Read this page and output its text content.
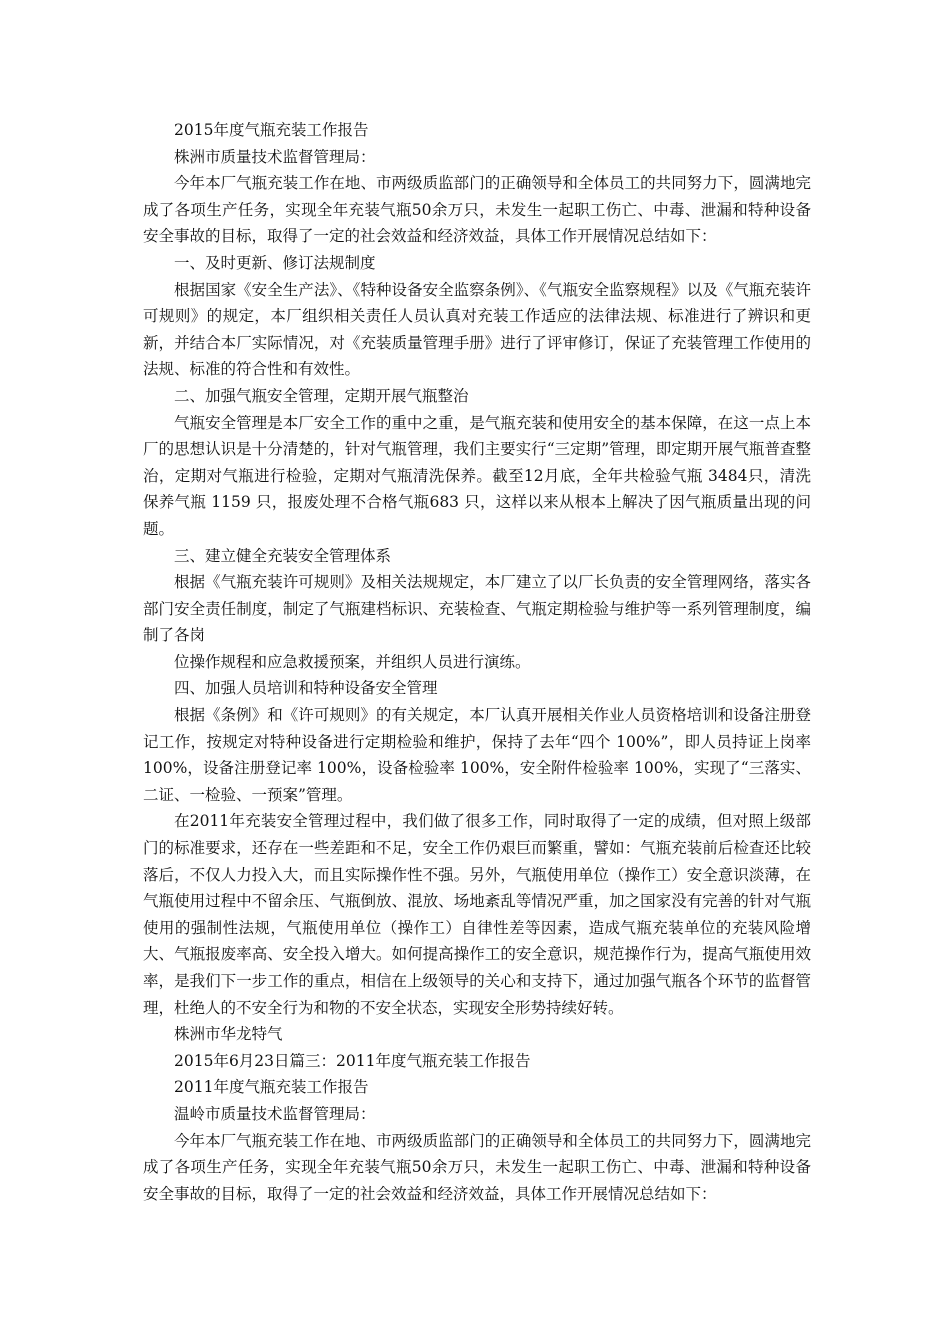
2015年度气瓶充装工作报告

株洲市质量技术监督管理局：

今年本厂气瓶充装工作在地、市两级质监部门的正确领导和全体员工的共同努力下，圆满地完成了各项生产任务，实现全年充装气瓶50余万只，未发生一起职工伤亡、中毒、泄漏和特种设备安全事故的目标，取得了一定的社会效益和经济效益，具体工作开展情况总结如下：

一、及时更新、修订法规制度

根据国家《安全生产法》、《特种设备安全监察条例》、《气瓶安全监察规程》以及《气瓶充装许可规则》的规定，本厂组织相关责任人员认真对充装工作适应的法律法规、标准进行了辨识和更新，并结合本厂实际情况，对《充装质量管理手册》进行了评审修订，保证了充装管理工作使用的法规、标准的符合性和有效性。

二、加强气瓶安全管理，定期开展气瓶整治

气瓶安全管理是本厂安全工作的重中之重，是气瓶充装和使用安全的基本保障，在这一点上本厂的思想认识是十分清楚的，针对气瓶管理，我们主要实行“三定期”管理，即定期开展气瓶普查整治，定期对气瓶进行检验，定期对气瓶清洗保养。截至12月底，全年共检验气瓶 3484只，清洗保养气瓶 1159 只，报废处理不合格气瓶683 只，这样以来从根本上解决了因气瓶质量出现的问题。

三、建立健全充装安全管理体系

根据《气瓶充装许可规则》及相关法规规定，本厂建立了以厂长负责的安全管理网络，落实各部门安全责任制度，制定了气瓶建档标识、充装检查、气瓶定期检验与维护等一系列管理制度，编制了各岗

位操作规程和应急救援预案，并组织人员进行演练。

四、加强人员培训和特种设备安全管理

根据《条例》和《许可规则》的有关规定，本厂认真开展相关作业人员资格培训和设备注册登记工作，按规定对特种设备进行定期检验和维护，保持了去年“四个 100%”，即人员持证上岗率 100%，设备注册登记率 100%，设备检验率 100%，安全附件检验率 100%，实现了“三落实、二证、一检验、一预案”管理。

在2011年充装安全管理过程中，我们做了很多工作，同时取得了一定的成绩，但对照上级部门的标准要求，还存在一些差距和不足，安全工作仍艰巨而繁重，譬如：气瓶充装前后检查还比较落后，不仅人力投入大，而且实际操作性不强。另外，气瓶使用单位（操作工）安全意识淡薄，在气瓶使用过程中不留余压、气瓶倒放、混放、场地紊乱等情况严重，加之国家没有完善的针对气瓶使用的强制性法规，气瓶使用单位（操作工）自律性差等因素，造成气瓶充装单位的充装风险增大、气瓶报废率高、安全投入增大。如何提高操作工的安全意识，规范操作行为，提高气瓶使用效率，是我们下一步工作的重点，相信在上级领导的关心和支持下，通过加强气瓶各个环节的监督管理，杜绝人的不安全行为和物的不安全状态，实现安全形势持续好转。

株洲市华龙特气

2015年6月23日篇三：2011年度气瓶充装工作报告

2011年度气瓶充装工作报告

温岭市质量技术监督管理局：

今年本厂气瓶充装工作在地、市两级质监部门的正确领导和全体员工的共同努力下，圆满地完成了各项生产任务，实现全年充装气瓶50余万只，未发生一起职工伤亡、中毒、泄漏和特种设备安全事故的目标，取得了一定的社会效益和经济效益，具体工作开展情况总结如下：
